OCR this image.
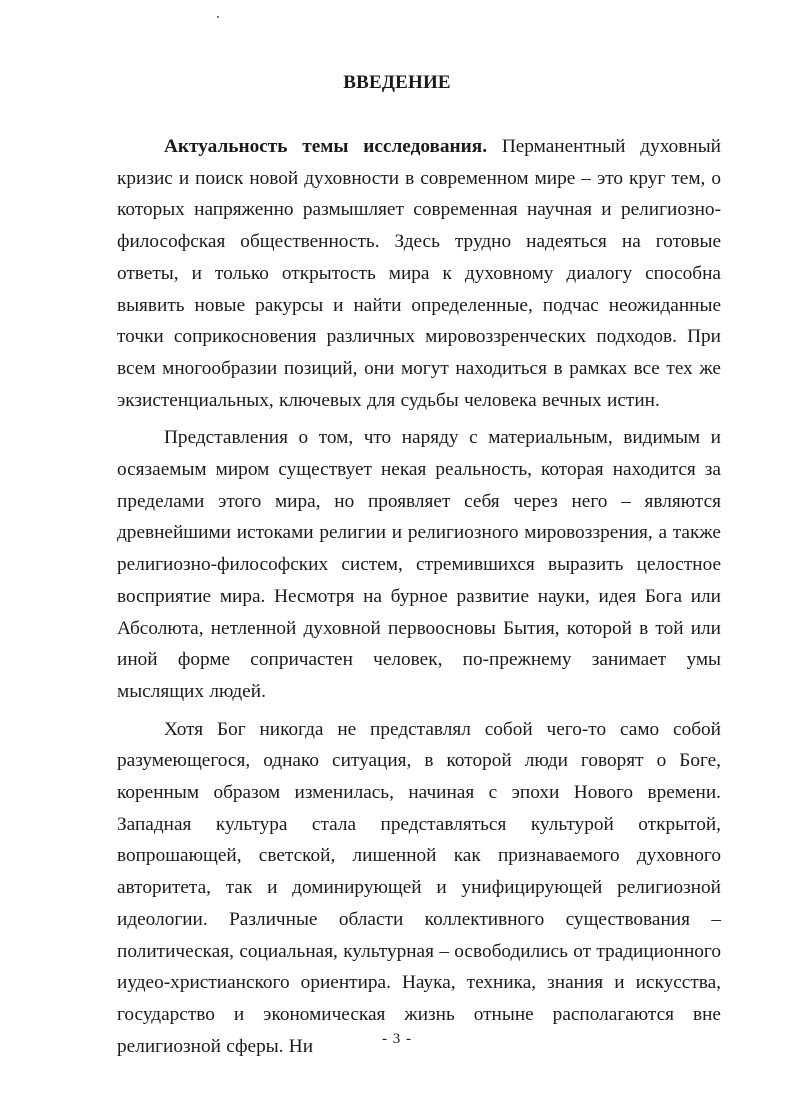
ВВЕДЕНИЕ

Актуальность темы исследования. Перманентный духовный кризис и поиск новой духовности в современном мире – это круг тем, о которых напряженно размышляет современная научная и религиозно-философская общественность. Здесь трудно надеяться на готовые ответы, и только открытость мира к духовному диалогу способна выявить новые ракурсы и найти определенные, подчас неожиданные точки соприкосновения различных мировоззренческих подходов. При всем многообразии позиций, они могут находиться в рамках все тех же экзистенциальных, ключевых для судьбы человека вечных истин.

Представления о том, что наряду с материальным, видимым и осязаемым миром существует некая реальность, которая находится за пределами этого мира, но проявляет себя через него – являются древнейшими истоками религии и религиозного мировоззрения, а также религиозно-философских систем, стремившихся выразить целостное восприятие мира. Несмотря на бурное развитие науки, идея Бога или Абсолюта, нетленной духовной первоосновы Бытия, которой в той или иной форме сопричастен человек, по-прежнему занимает умы мыслящих людей.

Хотя Бог никогда не представлял собой чего-то само собой разумеющегося, однако ситуация, в которой люди говорят о Боге, коренным образом изменилась, начиная с эпохи Нового времени. Западная культура стала представляться культурой открытой, вопрошающей, светской, лишенной как признаваемого духовного авторитета, так и доминирующей и унифицирующей религиозной идеологии. Различные области коллективного существования – политическая, социальная, культурная – освободились от традиционного иудео-христианского ориентира. Наука, техника, знания и искусства, государство и экономическая жизнь отныне располагаются вне религиозной сферы. Ни	- 3 -
